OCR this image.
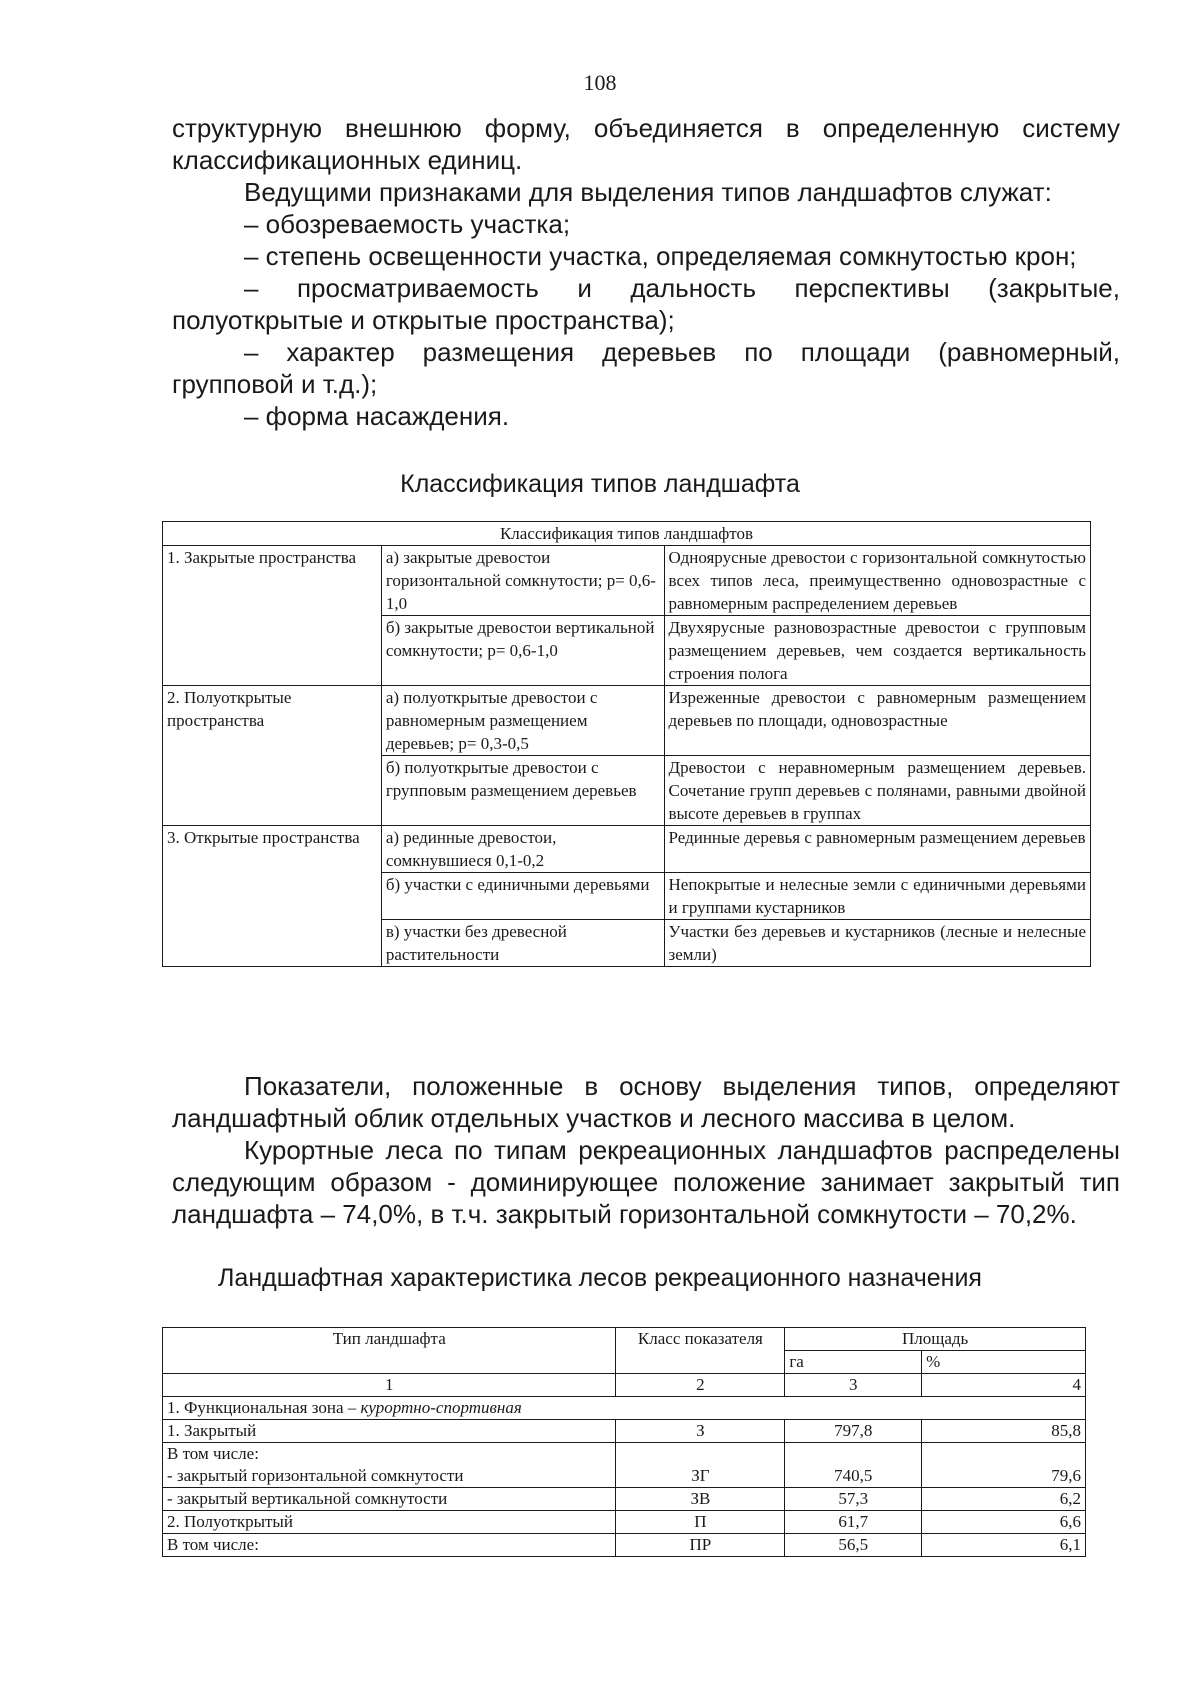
108

структурную внешнюю форму, объединяется в определенную систему классификационных единиц.

Ведущими признаками для выделения типов ландшафтов служат:

– обозреваемость участка;

– степень освещенности участка, определяемая сомкнутостью крон;

– просматриваемость и дальность перспективы (закрытые, полуоткрытые и открытые пространства);

– характер размещения деревьев по площади (равномерный, групповой и т.д.);

– форма насаждения.

Классификация типов ландшафта
Классификация типов ландшафтов		
1. Закрытые пространства	а) закрытые древостои горизонтальной сомкнутости; p= 0,6-1,0	Одноярусные древостои с горизонтальной сомкнутостью всех типов леса, преимущественно одновозрастные с равномерным распределением деревьев
	б) закрытые древостои вертикальной сомкнутости; p= 0,6-1,0	Двухярусные разновозрастные древостои с групповым размещением деревьев, чем создается вертикальность строения полога
2. Полуоткрытые пространства	а) полуоткрытые древостои с равномерным размещением деревьев; p= 0,3-0,5	Изреженные древостои с равномерным размещением деревьев по площади, одновозрастные
	б) полуоткрытые древостои с групповым размещением деревьев	Древостои с неравномерным размещением деревьев. Сочетание групп деревьев с полянами, равными двойной высоте деревьев в группах
3. Открытые пространства	а) рединные древостои, сомкнувшиеся 0,1-0,2	Рединные деревья с равномерным размещением деревьев
	б) участки с единичными деревьями	Непокрытые и нелесные земли с единичными деревьями и группами кустарников
	в) участки без древесной растительности	Участки без деревьев и кустарников (лесные и нелесные земли)

Показатели, положенные в основу выделения типов, определяют ландшафтный облик отдельных участков и лесного массива в целом.

Курортные леса по типам рекреационных ландшафтов распределены следующим образом - доминирующее положение занимает закрытый тип ландшафта – 74,0%, в т.ч. закрытый горизонтальной сомкнутости – 70,2%.

Ландшафтная характеристика лесов рекреационного назначения
Тип ландшафта	Класс показателя	Площадь	
		га	%
1	2	3	4
1. Функциональная зона – курортно-спортивная			
1. Закрытый	З	797,8	85,8

В том числе:
- закрытый горизонтальной сомкнутости	ЗГ	740,5	79,6
- закрытый вертикальной сомкнутости	ЗВ	57,3	6,2
2. Полуоткрытый	П	61,7	6,6
В том числе:	ПР	56,5	6,1
